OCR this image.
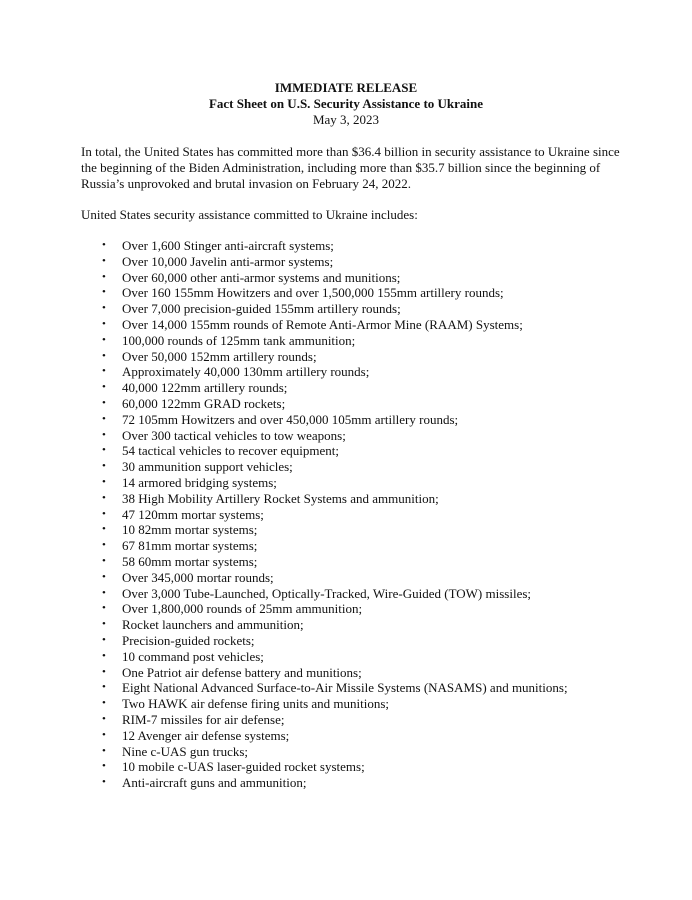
IMMEDIATE RELEASE
Fact Sheet on U.S. Security Assistance to Ukraine
May 3, 2023

In total, the United States has committed more than $36.4 billion in security assistance to Ukraine since the beginning of the Biden Administration, including more than $35.7 billion since the beginning of Russia’s unprovoked and brutal invasion on February 24, 2022.

United States security assistance committed to Ukraine includes:

• Over 1,600 Stinger anti-aircraft systems;
• Over 10,000 Javelin anti-armor systems;
• Over 60,000 other anti-armor systems and munitions;
• Over 160 155mm Howitzers and over 1,500,000 155mm artillery rounds;
• Over 7,000 precision-guided 155mm artillery rounds;
• Over 14,000 155mm rounds of Remote Anti-Armor Mine (RAAM) Systems;
• 100,000 rounds of 125mm tank ammunition;
• Over 50,000 152mm artillery rounds;
• Approximately 40,000 130mm artillery rounds;
• 40,000 122mm artillery rounds;
• 60,000 122mm GRAD rockets;
• 72 105mm Howitzers and over 450,000 105mm artillery rounds;
• Over 300 tactical vehicles to tow weapons;
• 54 tactical vehicles to recover equipment;
• 30 ammunition support vehicles;
• 14 armored bridging systems;
• 38 High Mobility Artillery Rocket Systems and ammunition;
• 47 120mm mortar systems;
• 10 82mm mortar systems;
• 67 81mm mortar systems;
• 58 60mm mortar systems;
• Over 345,000 mortar rounds;
• Over 3,000 Tube-Launched, Optically-Tracked, Wire-Guided (TOW) missiles;
• Over 1,800,000 rounds of 25mm ammunition;
• Rocket launchers and ammunition;
• Precision-guided rockets;
• 10 command post vehicles;
• One Patriot air defense battery and munitions;
• Eight National Advanced Surface-to-Air Missile Systems (NASAMS) and munitions;
• Two HAWK air defense firing units and munitions;
• RIM-7 missiles for air defense;
• 12 Avenger air defense systems;
• Nine c-UAS gun trucks;
• 10 mobile c-UAS laser-guided rocket systems;
• Anti-aircraft guns and ammunition;
